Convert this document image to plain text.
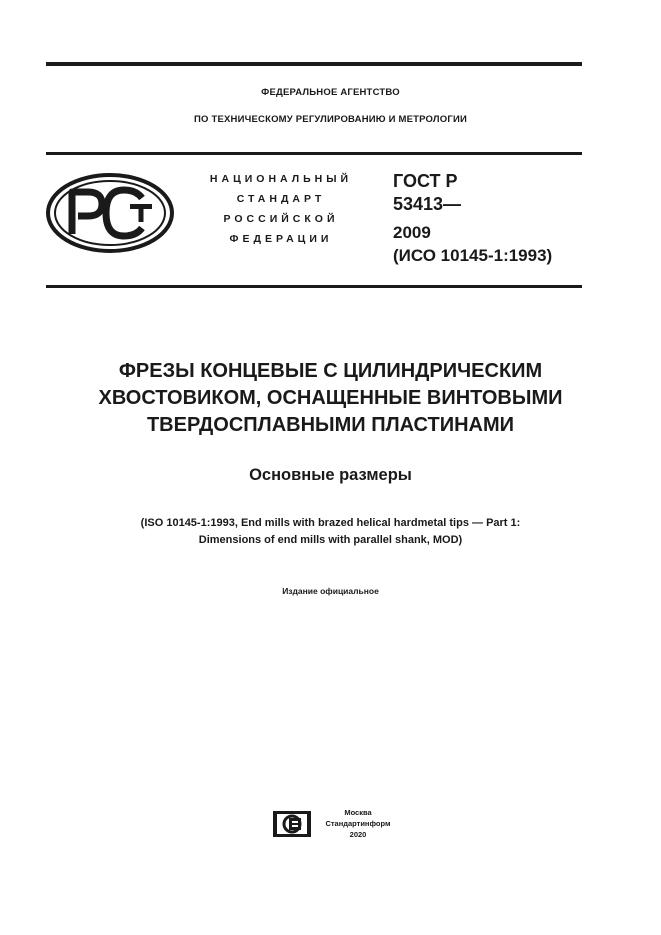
ФЕДЕРАЛЬНОЕ АГЕНТСТВО
ПО ТЕХНИЧЕСКОМУ РЕГУЛИРОВАНИЮ И МЕТРОЛОГИИ
НАЦИОНАЛЬНЫЙ
СТАНДАРТ
РОССИЙСКОЙ
ФЕДЕРАЦИИ
ГОСТ Р
53413—
2009
(ИСО 10145-1:1993)
ФРЕЗЫ КОНЦЕВЫЕ С ЦИЛИНДРИЧЕСКИМ
ХВОСТОВИКОМ, ОСНАЩЕННЫЕ ВИНТОВЫМИ
ТВЕРДОСПЛАВНЫМИ ПЛАСТИНАМИ
Основные размеры
(ISO 10145-1:1993, End mills with brazed helical hardmetal tips — Part 1:
Dimensions of end mills with parallel shank, MOD)
Издание официальное
Москва
Стандартинформ
2020
